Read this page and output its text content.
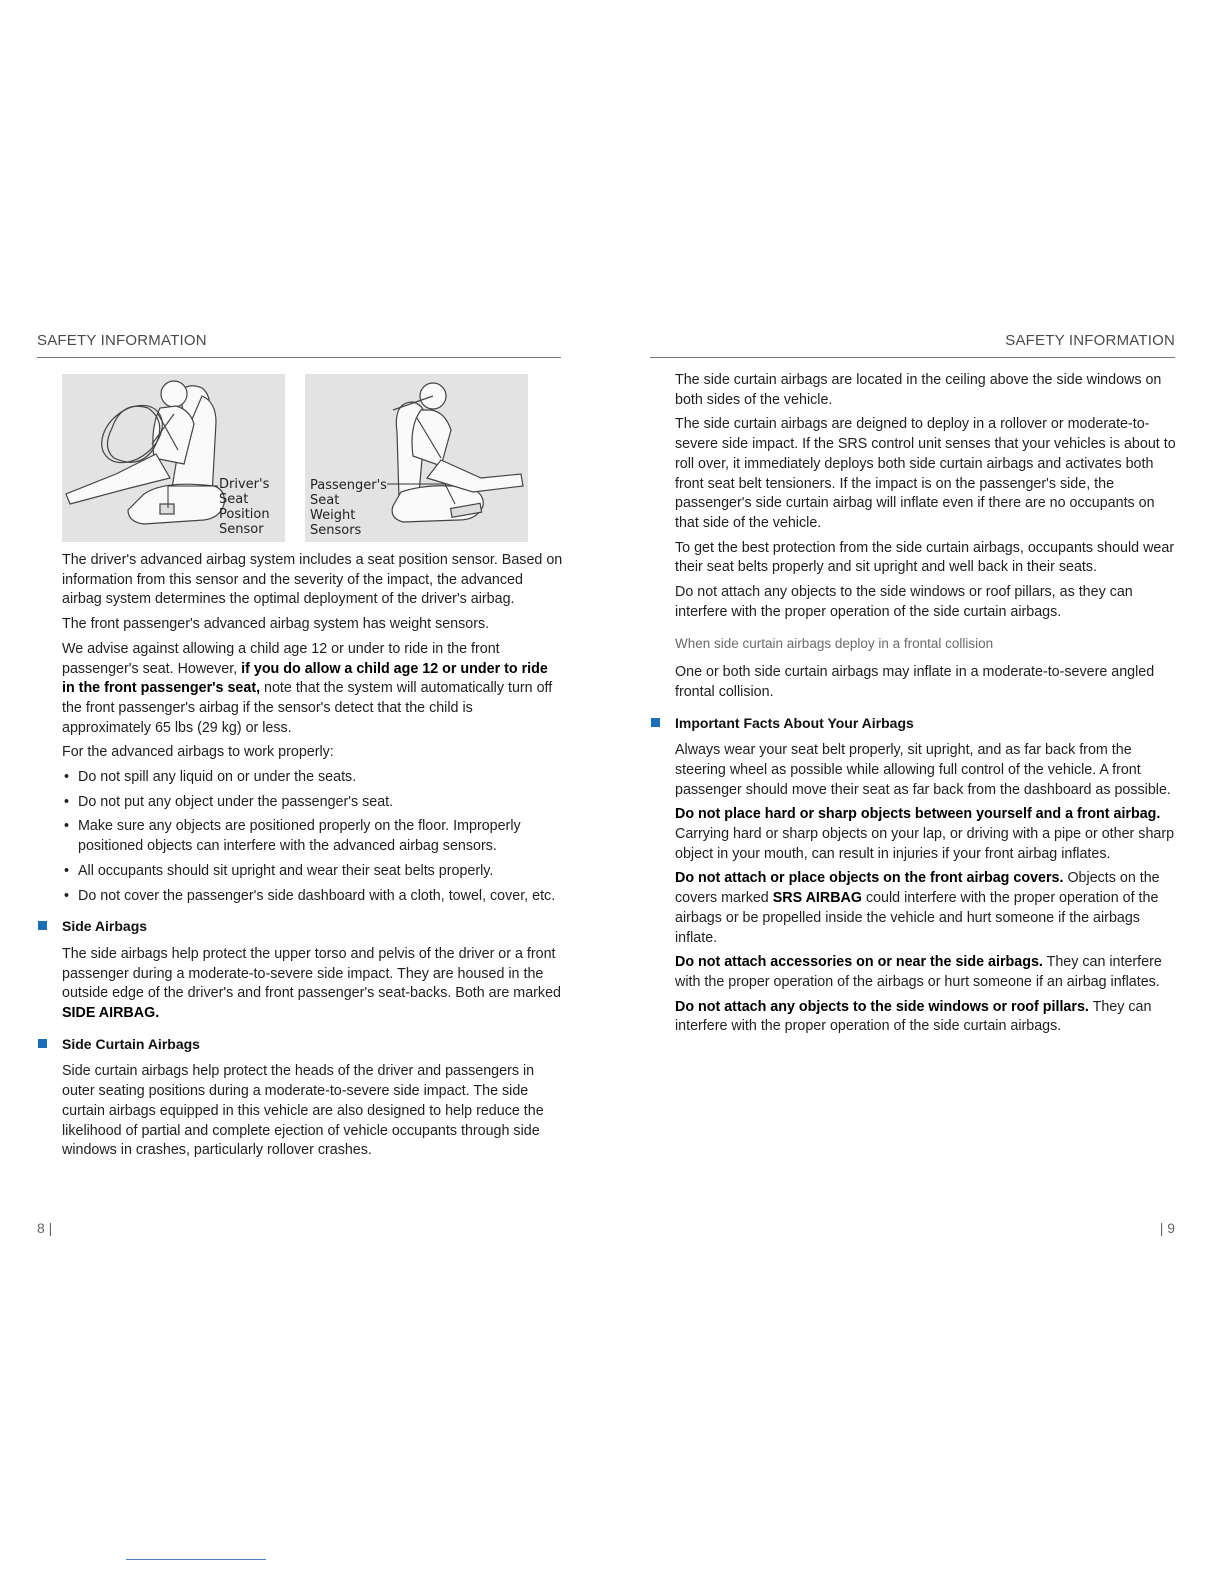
SAFETY INFORMATION	SAFETY INFORMATION
Driver's
Seat
Position
Sensor
Passenger's
Seat
Weight
Sensors

The driver's advanced airbag system includes a seat position sensor. Based on information from this sensor and the severity of the impact, the advanced airbag system determines the optimal deployment of the driver's airbag.

The front passenger's advanced airbag system has weight sensors.

We advise against allowing a child age 12 or under to ride in the front passenger's seat. However, if you do allow a child age 12 or under to ride in the front passenger's seat, note that the system will automatically turn off the front passenger's airbag if the sensor's detect that the child is approximately 65 lbs (29 kg) or less.

For the advanced airbags to work properly:

• Do not spill any liquid on or under the seats.
• Do not put any object under the passenger's seat.
• Make sure any objects are positioned properly on the floor. Improperly positioned objects can interfere with the advanced airbag sensors.
• All occupants should sit upright and wear their seat belts properly.
• Do not cover the passenger's side dashboard with a cloth, towel, cover, etc.
Side Airbags

The side airbags help protect the upper torso and pelvis of the driver or a front passenger during a moderate-to-severe side impact. They are housed in the outside edge of the driver's and front passenger's seat-backs. Both are marked SIDE AIRBAG.

Side Curtain Airbags

Side curtain airbags help protect the heads of the driver and passengers in outer seating positions during a moderate-to-severe side impact. The side curtain airbags equipped in this vehicle are also designed to help reduce the likelihood of partial and complete ejection of vehicle occupants through side windows in crashes, particularly rollover crashes.

The side curtain airbags are located in the ceiling above the side windows on both sides of the vehicle.

The side curtain airbags are deigned to deploy in a rollover or moderate-to-severe side impact. If the SRS control unit senses that your vehicles is about to roll over, it immediately deploys both side curtain airbags and activates both front seat belt tensioners. If the impact is on the passenger's side, the passenger's side curtain airbag will inflate even if there are no occupants on that side of the vehicle.

To get the best protection from the side curtain airbags, occupants should wear their seat belts properly and sit upright and well back in their seats.

Do not attach any objects to the side windows or roof pillars, as they can interfere with the proper operation of the side curtain airbags.

When side curtain airbags deploy in a frontal collision

One or both side curtain airbags may inflate in a moderate-to-severe angled frontal collision.

Important Facts About Your Airbags

Always wear your seat belt properly, sit upright, and as far back from the steering wheel as possible while allowing full control of the vehicle. A front passenger should move their seat as far back from the dashboard as possible.

Do not place hard or sharp objects between yourself and a front airbag. Carrying hard or sharp objects on your lap, or driving with a pipe or other sharp object in your mouth, can result in injuries if your front airbag inflates.

Do not attach or place objects on the front airbag covers. Objects on the covers marked SRS AIRBAG could interfere with the proper operation of the airbags or be propelled inside the vehicle and hurt someone if the airbags inflate.

Do not attach accessories on or near the side airbags. They can interfere with the proper operation of the airbags or hurt someone if an airbag inflates.

Do not attach any objects to the side windows or roof pillars. They can interfere with the proper operation of the side curtain airbags.

8 |	| 9
